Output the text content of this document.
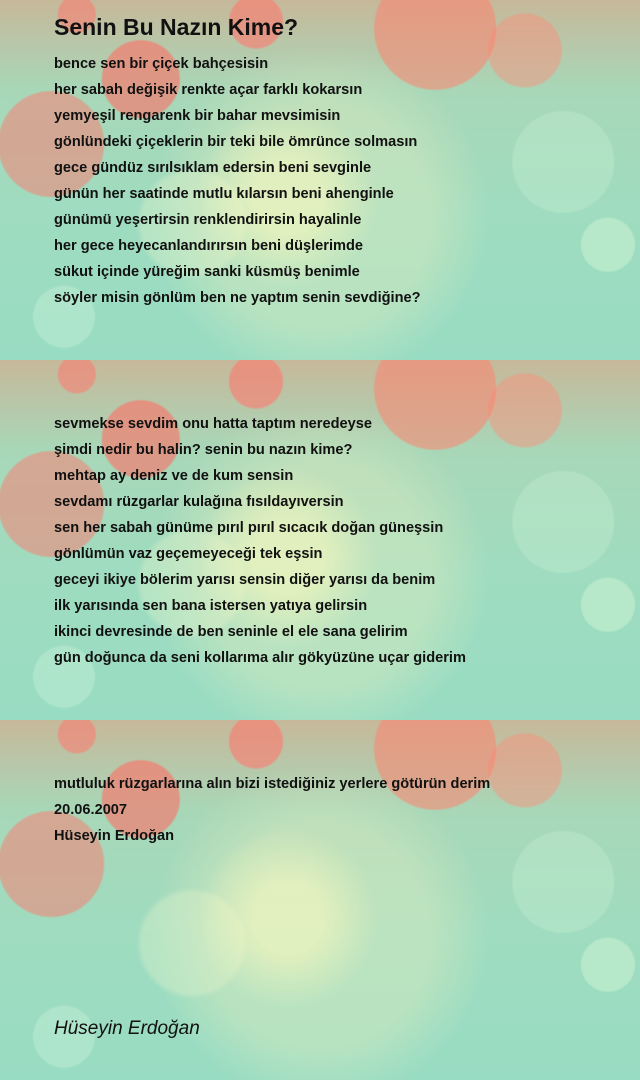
Senin Bu Nazın Kime?
bence sen bir çiçek bahçesisin
her sabah değişik renkte açar farklı kokarsın
yemyeşil rengarenk bir bahar mevsimisin
gönlündeki çiçeklerin bir teki bile ömrünce solmasın
gece gündüz sırılsıklam edersin beni sevginle
günün her saatinde mutlu kılarsın beni ahenginle
günümü yeşertirsin renklendirirsin hayalinle
her gece heyecanlandırırsın beni düşlerimde
sükut içinde yüreğim sanki küsmüş benimle
söyler misin gönlüm ben ne yaptım senin sevdiğine?
sevmekse sevdim onu hatta taptım neredeyse
şimdi nedir bu halin? senin bu nazın kime?
mehtap ay deniz ve de kum sensin
sevdamı rüzgarlar kulağına fısıldayıversin
sen her sabah günüme pırıl pırıl sıcacık doğan güneşsin
gönlümün vaz geçemeyeceği tek eşsin
geceyi ikiye bölerim yarısı sensin diğer yarısı da benim
ilk yarısında sen bana istersen yatıya gelirsin
ikinci devresinde de ben seninle el ele sana gelirim
gün doğunca da seni kollarıma alır gökyüzüne uçar giderim
mutluluk rüzgarlarına alın bizi istediğiniz yerlere götürün derim
20.06.2007
Hüseyin Erdoğan
Hüseyin Erdoğan
